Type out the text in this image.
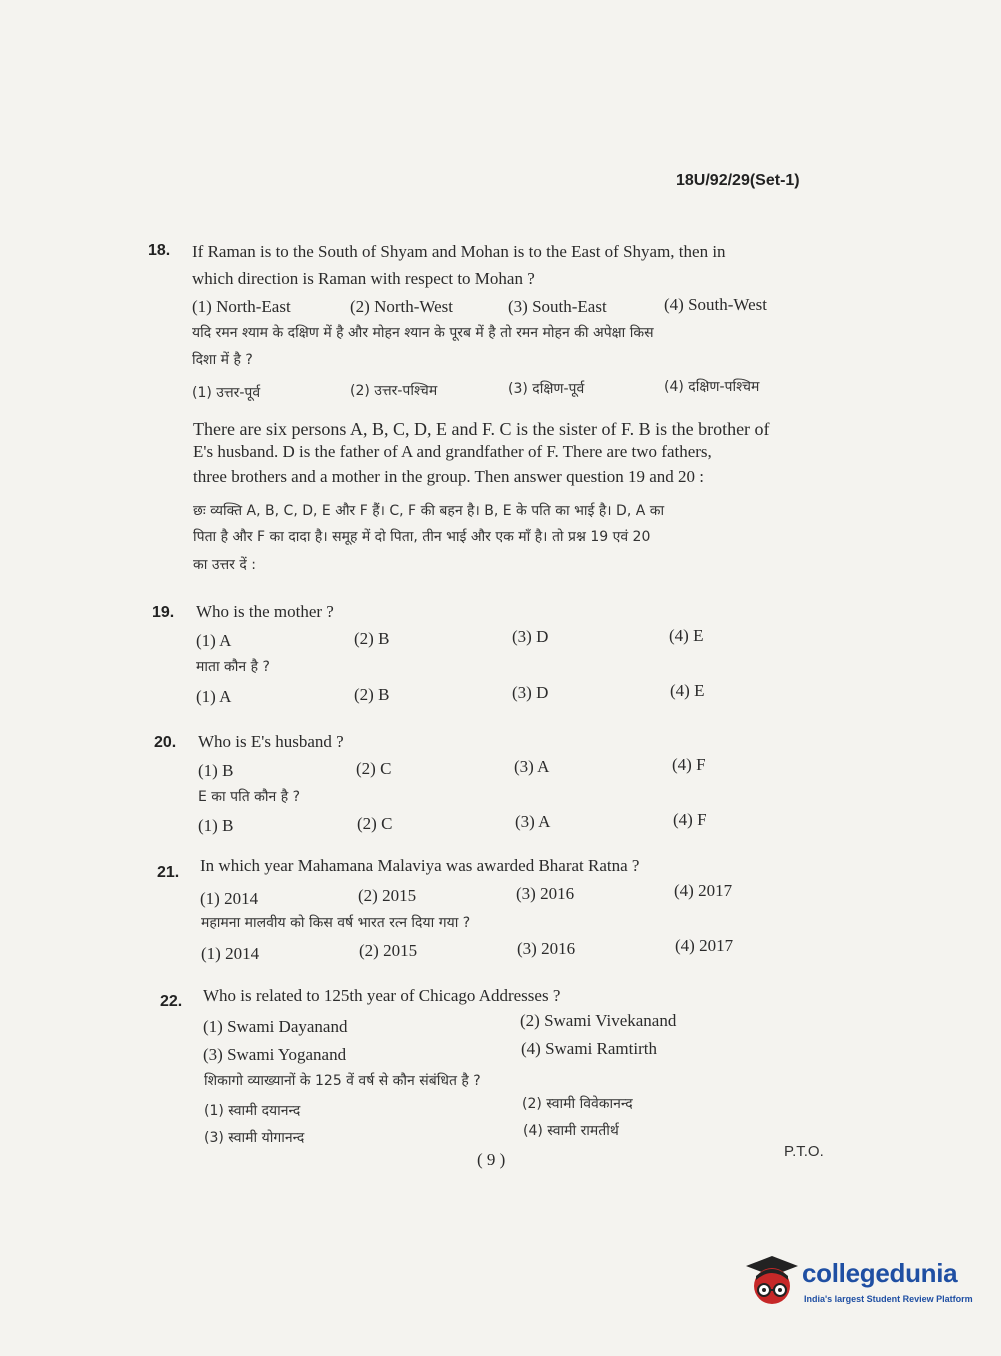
18U/92/29(Set-1)
18. If Raman is to the South of Shyam and Mohan is to the East of Shyam, then in
which direction is Raman with respect to Mohan ?
(1) North-East	(2) North-West	(3) South-East	(4) South-West
यदि रमन श्याम के दक्षिण में है और मोहन श्यान के पूरब में है तो रमन मोहन की अपेक्षा किस
दिशा में है ?
(1) उत्तर-पूर्व	(2) उत्तर-पश्चिम	(3) दक्षिण-पूर्व	(4) दक्षिण-पश्चिम
There are six persons A, B, C, D, E and F. C is the sister of F. B is the brother of
E's husband. D is the father of A and grandfather of F. There are two fathers,
three brothers and a mother in the group. Then answer question 19 and 20 :
छः व्यक्ति A, B, C, D, E और F हैं। C, F की बहन है। B, E के पति का भाई है। D, A का
पिता है और F का दादा है। समूह में दो पिता, तीन भाई और एक माँ है। तो प्रश्न 19 एवं 20
का उत्तर दें :
19. Who is the mother ?
(1) A	(2) B	(3) D	(4) E
माता कौन है ?
(1) A	(2) B	(3) D	(4) E
20. Who is E's husband ?
(1) B	(2) C	(3) A	(4) F
E का पति कौन है ?
(1) B	(2) C	(3) A	(4) F
21. In which year Mahamana Malaviya was awarded Bharat Ratna ?
(1) 2014	(2) 2015	(3) 2016	(4) 2017
महामना मालवीय को किस वर्ष भारत रत्न दिया गया ?
(1) 2014	(2) 2015	(3) 2016	(4) 2017
22. Who is related to 125th year of Chicago Addresses ?
(1) Swami Dayanand	(2) Swami Vivekanand
(3) Swami Yoganand	(4) Swami Ramtirth
शिकागो व्याख्यानों के 125 वें वर्ष से कौन संबंधित है ?
(1) स्वामी दयानन्द	(2) स्वामी विवेकानन्द
(3) स्वामी योगानन्द	(4) स्वामी रामतीर्थ
( 9 )	P.T.O.
collegedunia
India's largest Student Review Platform
